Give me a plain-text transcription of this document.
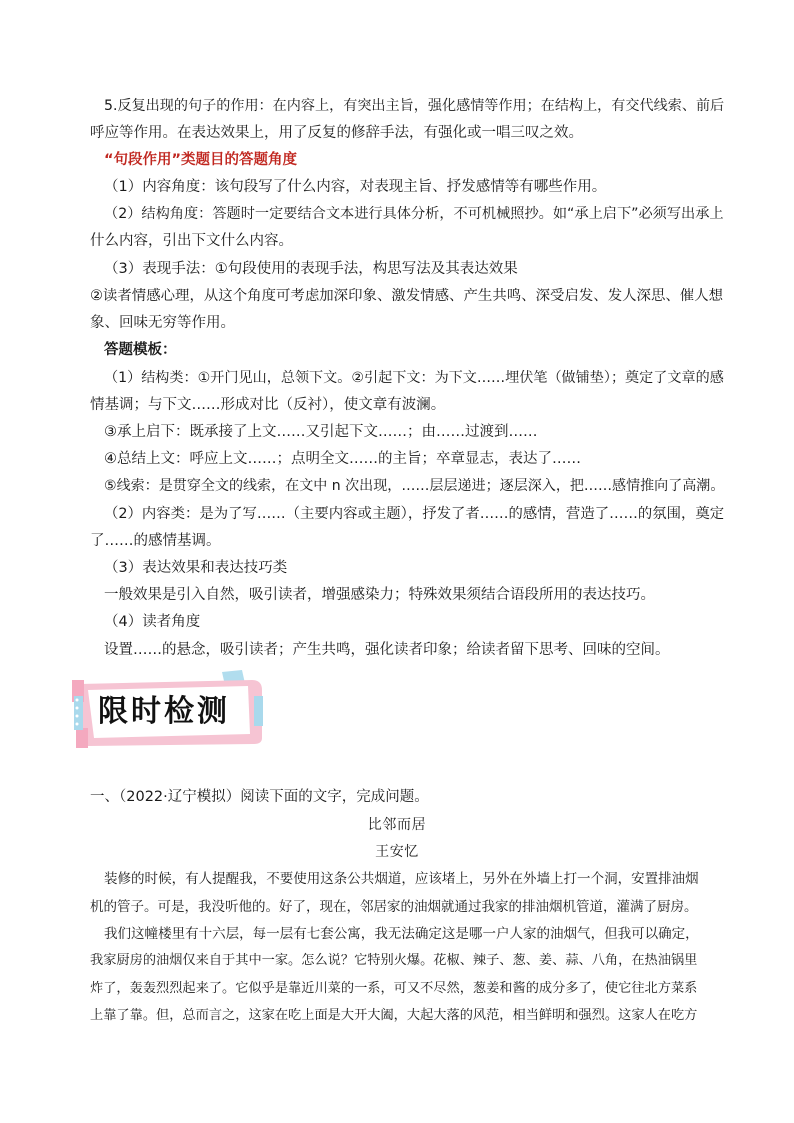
5.反复出现的句子的作用：在内容上，有突出主旨，强化感情等作用；在结构上，有交代线索、前后
呼应等作用。在表达效果上，用了反复的修辞手法，有强化或一唱三叹之效。
“句段作用”类题目的答题角度
（1）内容角度：该句段写了什么内容，对表现主旨、抒发感情等有哪些作用。
（2）结构角度：答题时一定要结合文本进行具体分析，不可机械照抄。如“承上启下”必须写出承上
什么内容，引出下文什么内容。
（3）表现手法：①句段使用的表现手法，构思写法及其表达效果
②读者情感心理，从这个角度可考虑加深印象、激发情感、产生共鸣、深受启发、发人深思、催人想
象、回味无穷等作用。
答题模板：
（1）结构类：①开门见山，总领下文。②引起下文：为下文……埋伏笔（做铺垫）；奠定了文章的感
情基调；与下文……形成对比（反衬），使文章有波澜。
③承上启下：既承接了上文……又引起下文……；由……过渡到……
④总结上文：呼应上文……；点明全文……的主旨；卒章显志，表达了……
⑤线索：是贯穿全文的线索，在文中 n 次出现，……层层递进；逐层深入，把……感情推向了高潮。
（2）内容类：是为了写……（主要内容或主题），抒发了者……的感情，营造了……的氛围，奠定
了……的感情基调。
（3）表达效果和表达技巧类
一般效果是引入自然，吸引读者，增强感染力；特殊效果须结合语段所用的表达技巧。
（4）读者角度
设置……的悬念，吸引读者；产生共鸣，强化读者印象；给读者留下思考、回味的空间。
限时检测
一、（2022·辽宁模拟）阅读下面的文字，完成问题。
比邻而居
王安忆
装修的时候，有人提醒我，不要使用这条公共烟道，应该堵上，另外在外墙上打一个洞，安置排油烟
机的管子。可是，我没听他的。好了，现在，邻居家的油烟就通过我家的排油烟机管道，灌满了厨房。
我们这幢楼里有十六层，每一层有七套公寓，我无法确定这是哪一户人家的油烟气，但我可以确定，
我家厨房的油烟仅来自于其中一家。怎么说？它特别火爆。花椒、辣子、葱、姜、蒜、八角，在热油锅里
炸了，轰轰烈烈起来了。它似乎是靠近川菜的一系，可又不尽然，葱姜和酱的成分多了，使它往北方菜系
上靠了靠。但，总而言之，这家在吃上面是大开大阖，大起大落的风范，相当鲜明和强烈。这家人在吃方
